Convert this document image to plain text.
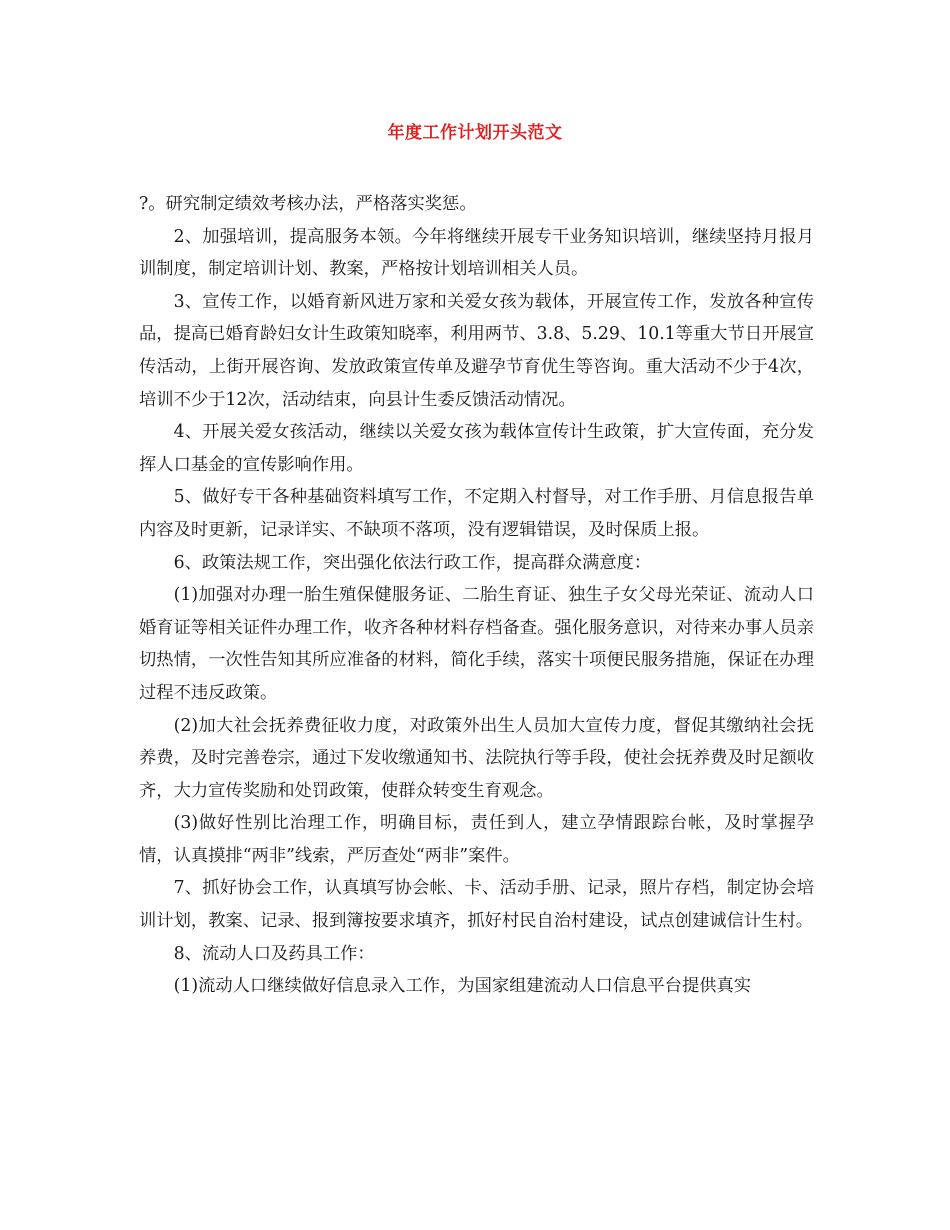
年度工作计划开头范文

?。研究制定绩效考核办法，严格落实奖惩。

2、加强培训，提高服务本领。今年将继续开展专干业务知识培训，继续坚持月报月训制度，制定培训计划、教案，严格按计划培训相关人员。

3、宣传工作，以婚育新风进万家和关爱女孩为载体，开展宣传工作，发放各种宣传品，提高已婚育龄妇女计生政策知晓率，利用两节、3.8、5.29、10.1等重大节日开展宣传活动，上街开展咨询、发放政策宣传单及避孕节育优生等咨询。重大活动不少于4次，培训不少于12次，活动结束，向县计生委反馈活动情况。

4、开展关爱女孩活动，继续以关爱女孩为载体宣传计生政策，扩大宣传面，充分发挥人口基金的宣传影响作用。

5、做好专干各种基础资料填写工作，不定期入村督导，对工作手册、月信息报告单内容及时更新，记录详实、不缺项不落项，没有逻辑错误，及时保质上报。

6、政策法规工作，突出强化依法行政工作，提高群众满意度：

(1)加强对办理一胎生殖保健服务证、二胎生育证、独生子女父母光荣证、流动人口婚育证等相关证件办理工作，收齐各种材料存档备查。强化服务意识，对待来办事人员亲切热情，一次性告知其所应准备的材料，简化手续，落实十项便民服务措施，保证在办理过程不违反政策。

(2)加大社会抚养费征收力度，对政策外出生人员加大宣传力度，督促其缴纳社会抚养费，及时完善卷宗，通过下发收缴通知书、法院执行等手段，使社会抚养费及时足额收齐，大力宣传奖励和处罚政策，使群众转变生育观念。

(3)做好性别比治理工作，明确目标，责任到人，建立孕情跟踪台帐，及时掌握孕情，认真摸排“两非”线索，严厉查处“两非”案件。

7、抓好协会工作，认真填写协会帐、卡、活动手册、记录，照片存档，制定协会培训计划，教案、记录、报到簿按要求填齐，抓好村民自治村建设，试点创建诚信计生村。

8、流动人口及药具工作：

(1)流动人口继续做好信息录入工作，为国家组建流动人口信息平台提供真实
